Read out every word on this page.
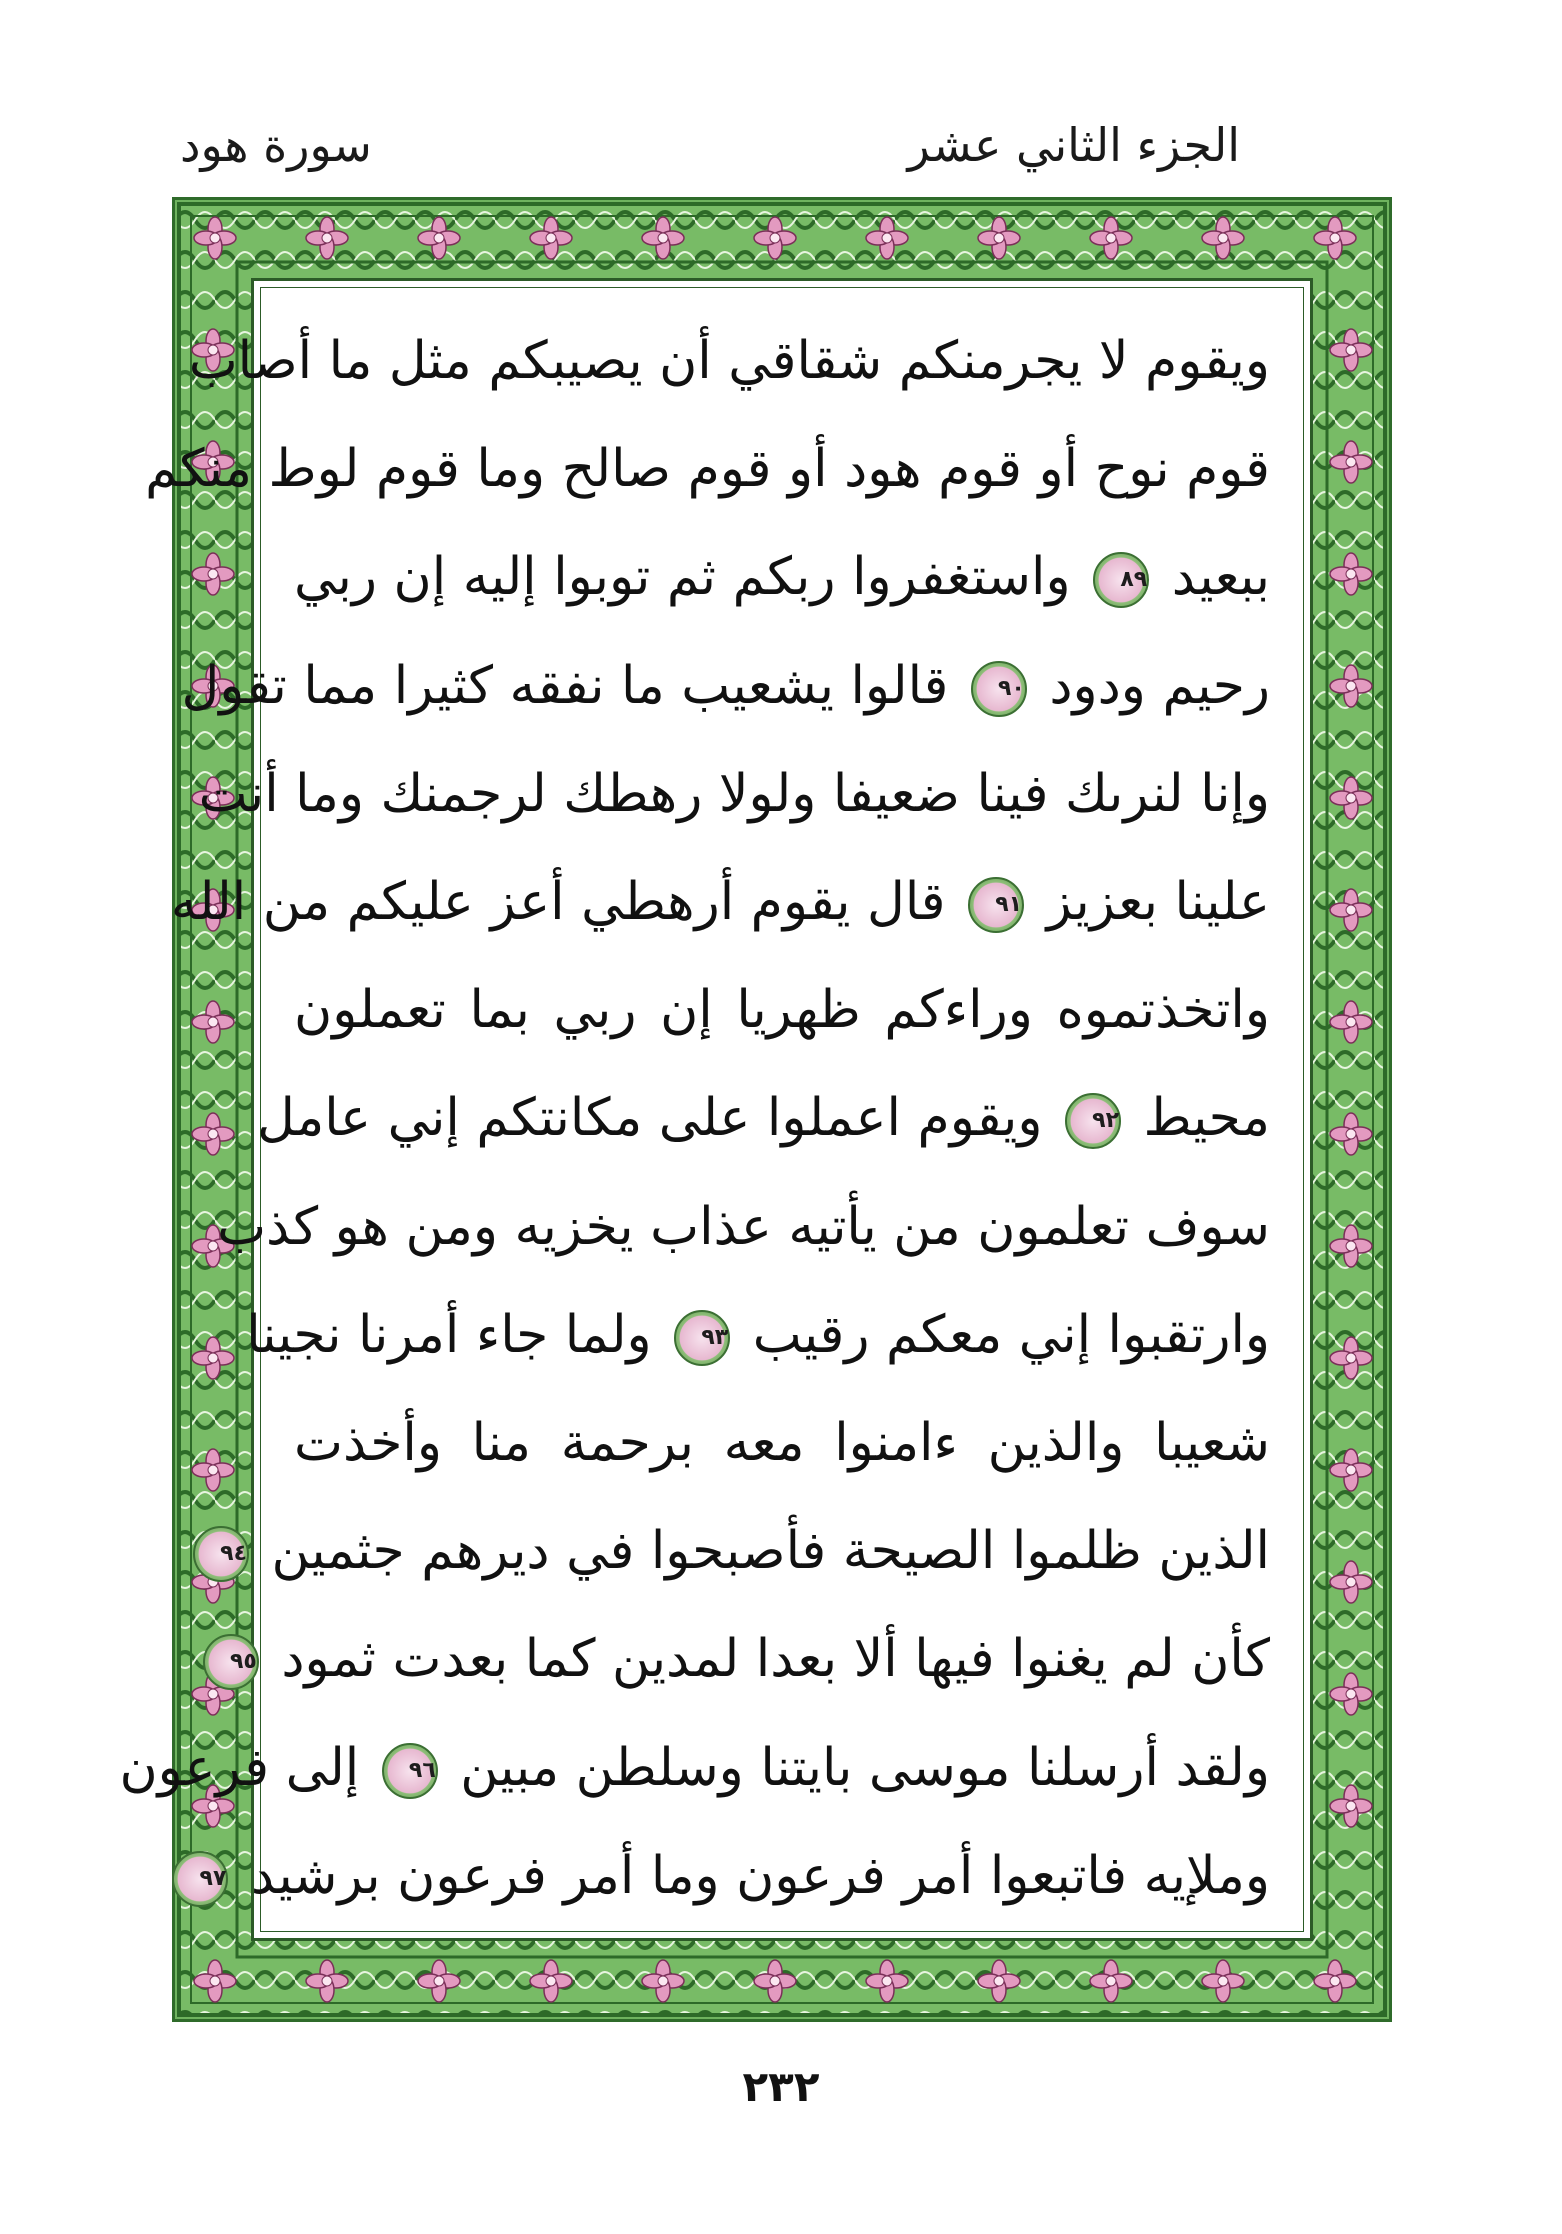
الجزء الثاني عشر
سورة هود
ويقوم لا يجرمنكم شقاقي أن يصيبكم مثل ما أصاب
قوم نوح أو قوم هود أو قوم صالح وما قوم لوط منكم
ببعيد ٨٩ واستغفروا ربكم ثم توبوا إليه إن ربي
رحيم ودود ٩٠ قالوا يشعيب ما نفقه كثيرا مما تقول
وإنا لنرىك فينا ضعيفا ولولا رهطك لرجمنك وما أنت
علينا بعزيز ٩١ قال يقوم أرهطي أعز عليكم من الله
واتخذتموه وراءكم ظهريا إن ربي بما تعملون
محيط ٩٢ ويقوم اعملوا على مكانتكم إني عامل
سوف تعلمون من يأتيه عذاب يخزيه ومن هو كذب
وارتقبوا إني معكم رقيب ٩٣ ولما جاء أمرنا نجينا
شعيبا والذين ءامنوا معه برحمة منا وأخذت
الذين ظلموا الصيحة فأصبحوا في ديرهم جثمين ٩٤
كأن لم يغنوا فيها ألا بعدا لمدين كما بعدت ثمود ٩٥
ولقد أرسلنا موسى بايتنا وسلطن مبين ٩٦ إلى فرعون
وملإيه فاتبعوا أمر فرعون وما أمر فرعون برشيد ٩٧
٢٣٢
